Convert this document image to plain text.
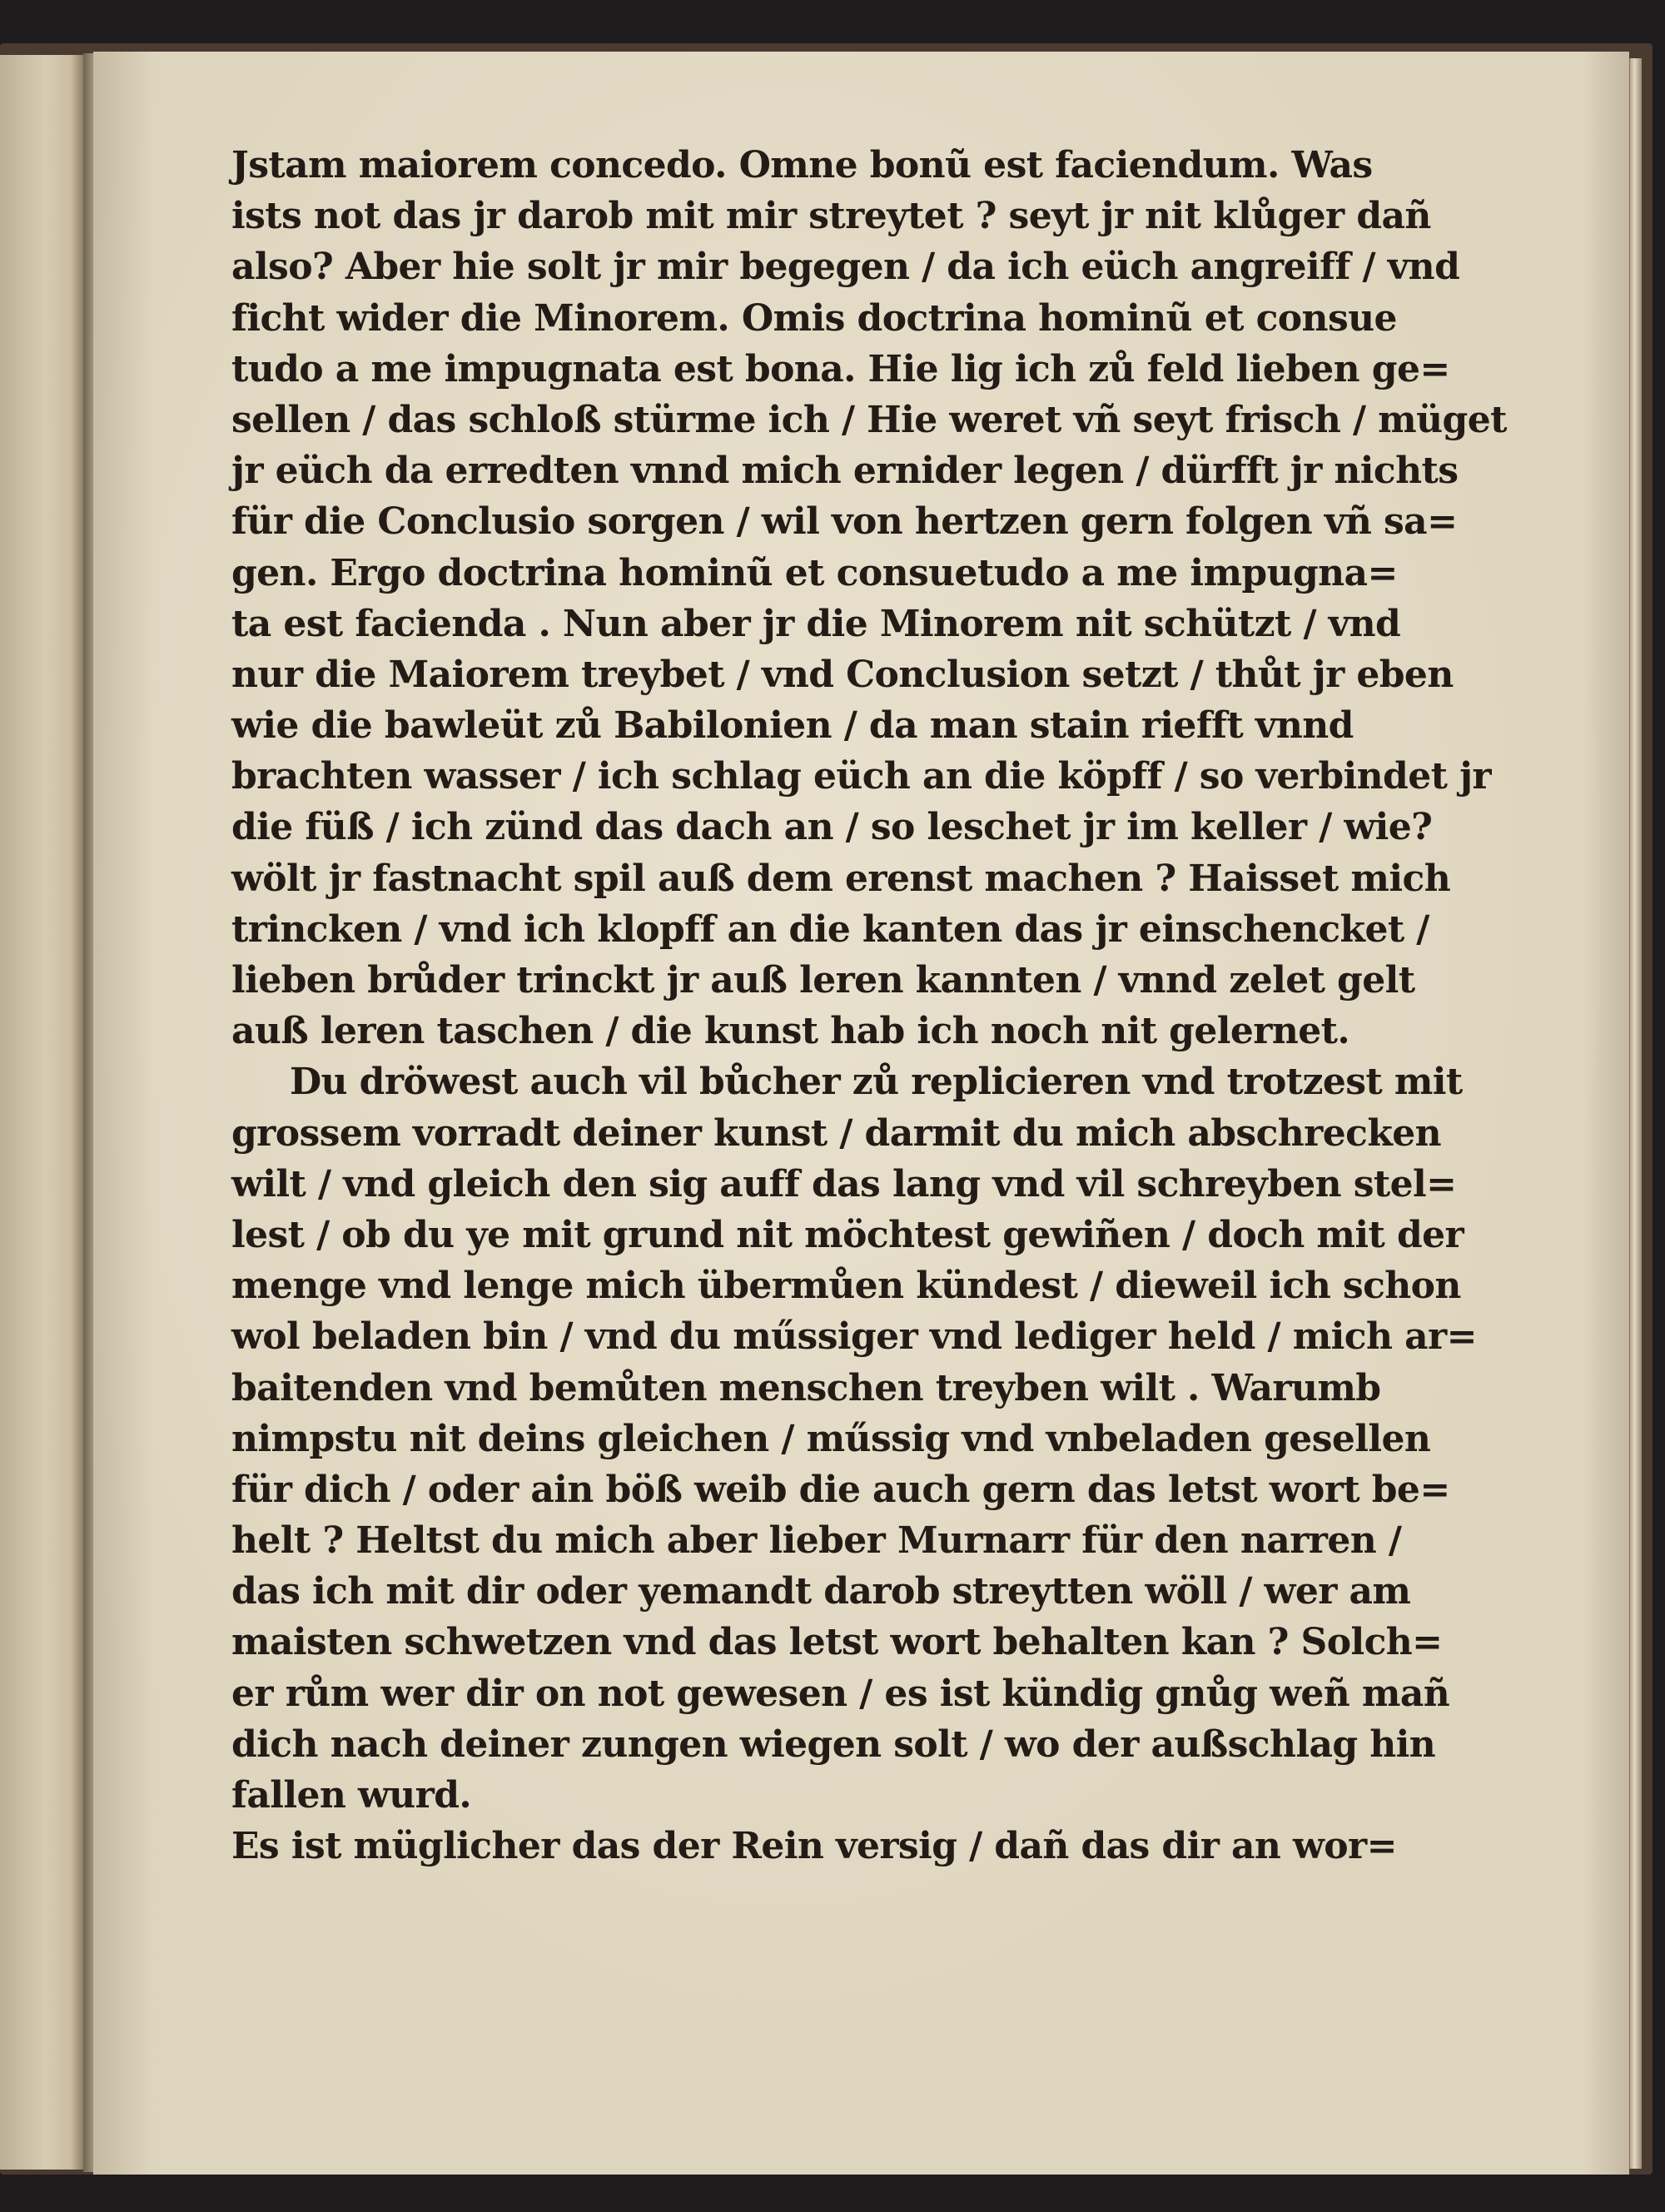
Jstam maiorem concedo. Omne bonũ est faciendum. Was
ists not das jr darob mit mir streytet ? seyt jr nit klůger dañ
also? Aber hie solt jr mir begegen / da ich eüch angreiff / vnd
ficht wider die Minorem. Omis doctrina hominũ et consue
tudo a me impugnata est bona. Hie lig ich zů feld lieben ge=
sellen / das schloß stürme ich / Hie weret vñ seyt frisch / müget
jr eüch da erredten vnnd mich ernider legen / dürfft jr nichts
für die Conclusio sorgen / wil von hertzen gern folgen vñ sa=
gen. Ergo doctrina hominũ et consuetudo a me impugna=
ta est facienda . Nun aber jr die Minorem nit schützt / vnd
nur die Maiorem treybet / vnd Conclusion setzt / thůt jr eben
wie die bawleüt zů Babilonien / da man stain riefft vnnd
brachten wasser / ich schlag eüch an die köpff / so verbindet jr
die füß / ich zünd das dach an / so leschet jr im keller / wie?
wölt jr fastnacht spil auß dem erenst machen ? Haisset mich
trincken / vnd ich klopff an die kanten das jr einschencket /
lieben brůder trinckt jr auß leren kannten / vnnd zelet gelt
auß leren taschen / die kunst hab ich noch nit gelernet.
Du dröwest auch vil bůcher zů replicieren vnd trotzest mit
grossem vorradt deiner kunst / darmit du mich abschrecken
wilt / vnd gleich den sig auff das lang vnd vil schreyben stel=
lest / ob du ye mit grund nit möchtest gewiñen / doch mit der
menge vnd lenge mich übermůen kündest / dieweil ich schon
wol beladen bin / vnd du műssiger vnd lediger held / mich ar=
baitenden vnd bemůten menschen treyben wilt . Warumb
nimpstu nit deins gleichen / műssig vnd vnbeladen gesellen
für dich / oder ain böß weib die auch gern das letst wort be=
helt ? Heltst du mich aber lieber Murnarr für den narren /
das ich mit dir oder yemandt darob streytten wöll / wer am
maisten schwetzen vnd das letst wort behalten kan ? Solch=
er rům wer dir on not gewesen / es ist kündig gnůg weñ mañ
dich nach deiner zungen wiegen solt / wo der außschlag hin
fallen wurd.
Es ist müglicher das der Rein versig / dañ das dir an wor=
